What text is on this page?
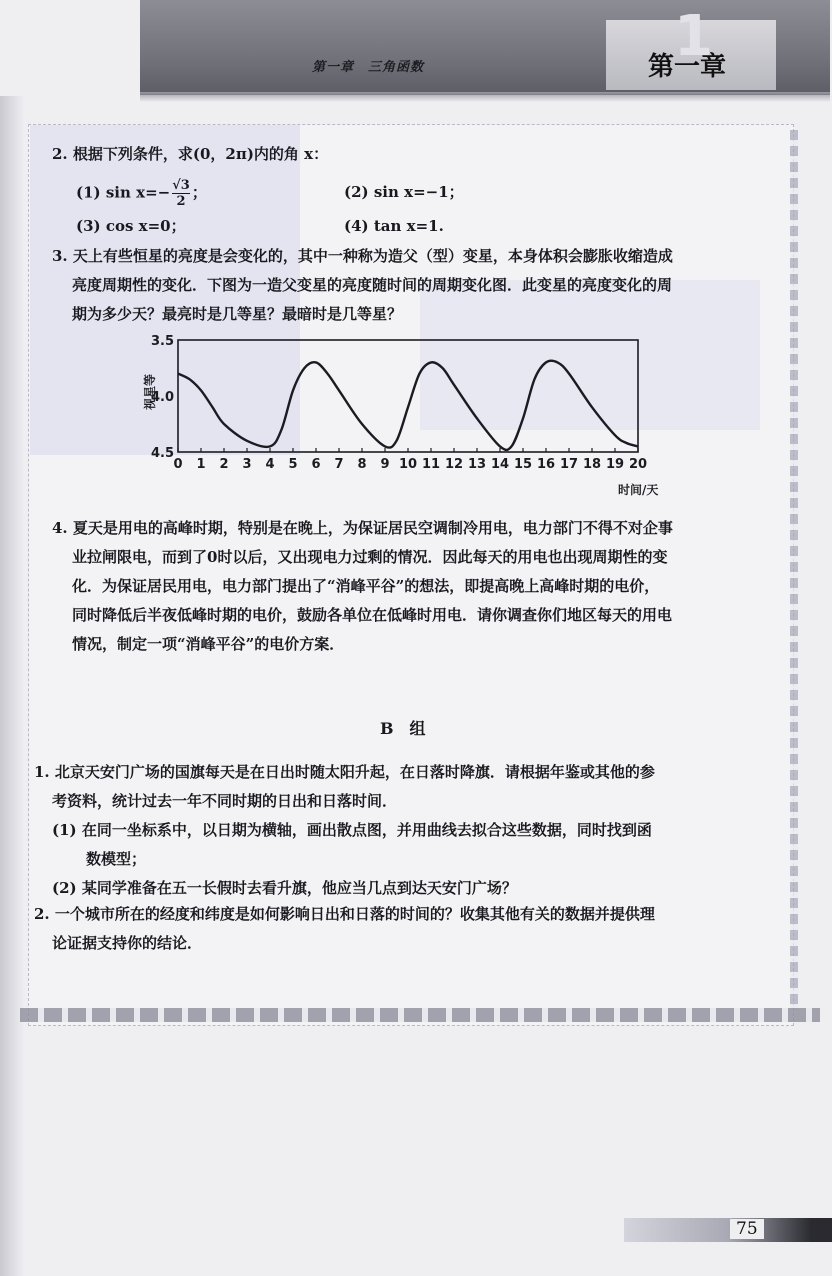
第一章　三角函数	1
第一章
2. 根据下列条件，求(0，2π)内的角 x：
(1) $\sin x=- \frac{√3}{2}$ ；	(2) sin x=−1；
(3) cos x=0；	(4) tan x=1.
3. 天上有些恒星的亮度是会变化的，其中一种称为造父（型）变星，本身体积会膨胀收缩造成
亮度周期性的变化．下图为一造父变星的亮度随时间的周期变化图．此变星的亮度变化的周
期为多少天？最亮时是几等星？最暗时是几等星？
视星等
时间/天
3.5
4.0
4.5
0 1 2 3 4 5 6 7 8 9 10 11 12 13 14 15 16 17 18 19 20
4. 夏天是用电的高峰时期，特别是在晚上，为保证居民空调制冷用电，电力部门不得不对企事
业拉闸限电，而到了0时以后，又出现电力过剩的情况．因此每天的用电也出现周期性的变
化．为保证居民用电，电力部门提出了“消峰平谷”的想法，即提高晚上高峰时期的电价，
同时降低后半夜低峰时期的电价，鼓励各单位在低峰时用电．请你调查你们地区每天的用电
情况，制定一项“消峰平谷”的电价方案．
B　组
1. 北京天安门广场的国旗每天是在日出时随太阳升起，在日落时降旗．请根据年鉴或其他的参
考资料，统计过去一年不同时期的日出和日落时间．
(1) 在同一坐标系中，以日期为横轴，画出散点图，并用曲线去拟合这些数据，同时找到函
数模型；
(2) 某同学准备在五一长假时去看升旗，他应当几点到达天安门广场？
2. 一个城市所在的经度和纬度是如何影响日出和日落的时间的？收集其他有关的数据并提供理
论证据支持你的结论．
75
